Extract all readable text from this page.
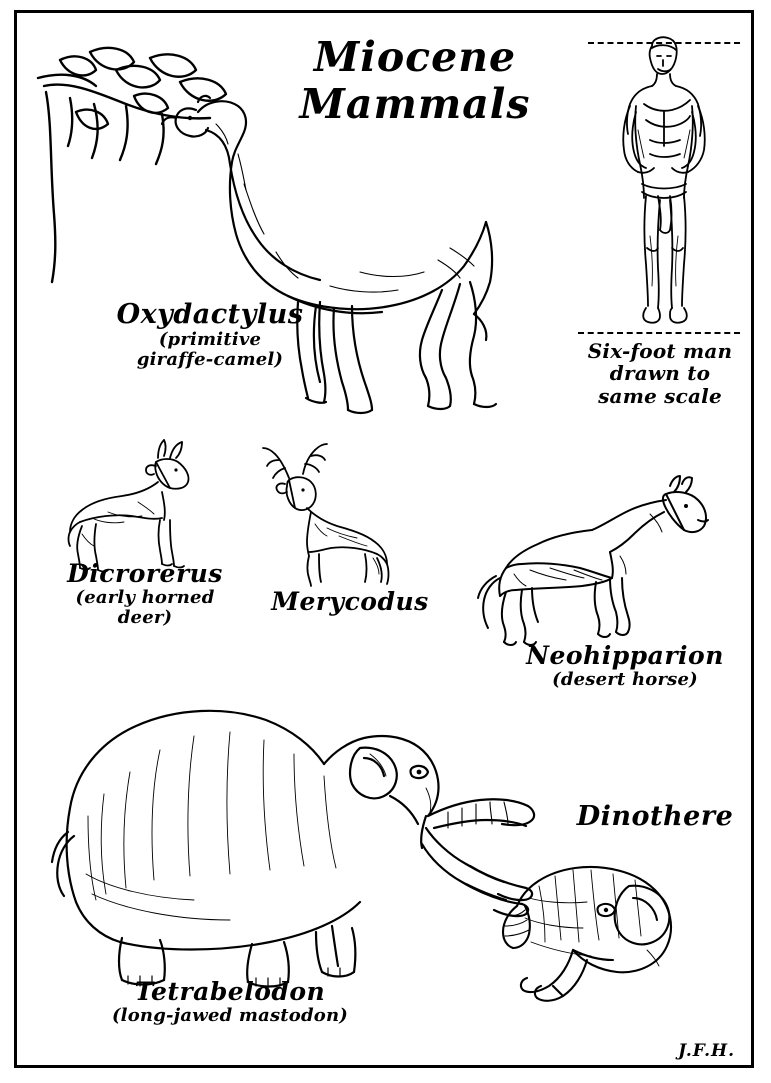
Miocene
Mammals
Oxydactylus
(primitive
giraffe-camel)	Six-foot man
drawn to
same scale
Dicrorerus
(early horned
deer)
Merycodus
Neohipparion
(desert horse)
Tetrabelodon
(long-jawed mastodon)
Dinothere
J.F.H.
